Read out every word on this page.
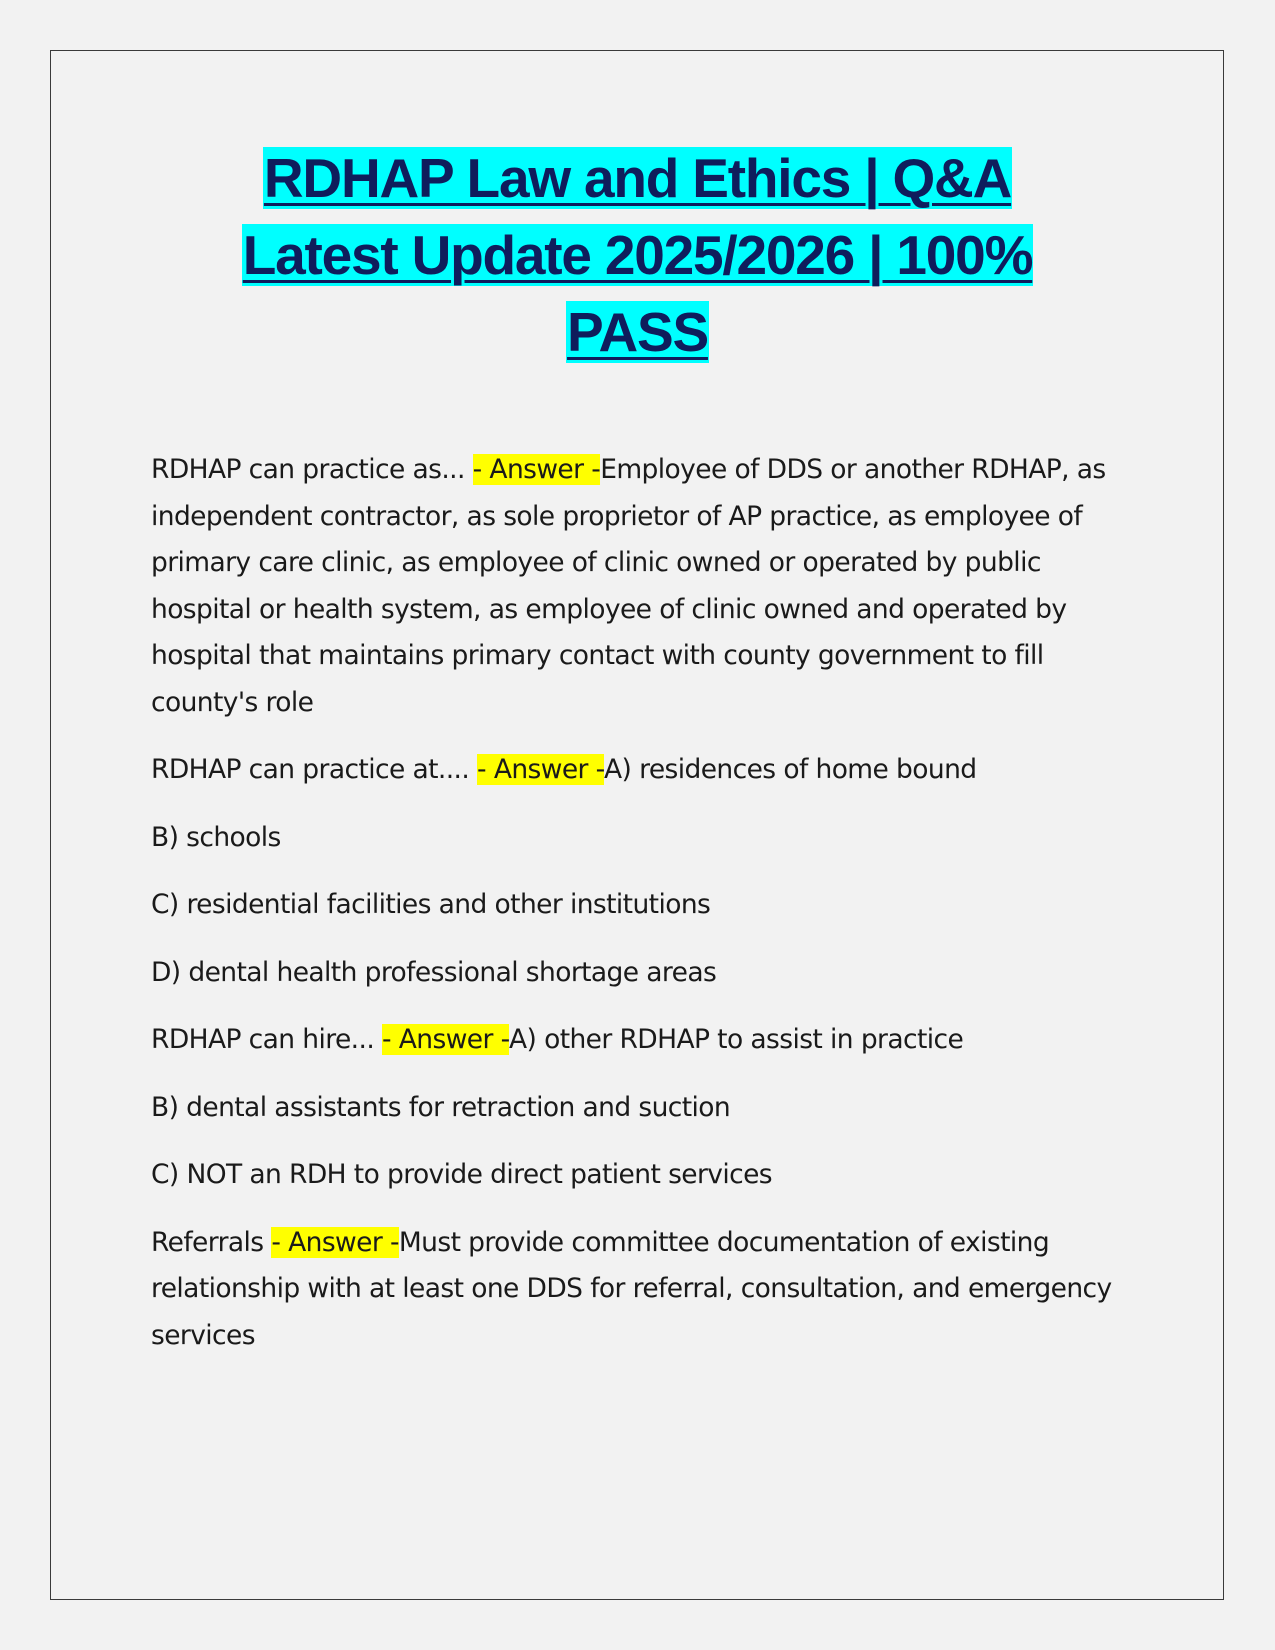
RDHAP Law and Ethics | Q&A
Latest Update 2025/2026 | 100%
PASS

RDHAP can practice as... - Answer -Employee of DDS or another RDHAP, as independent contractor, as sole proprietor of AP practice, as employee of primary care clinic, as employee of clinic owned or operated by public hospital or health system, as employee of clinic owned and operated by hospital that maintains primary contact with county government to fill county's role

RDHAP can practice at.... - Answer -A) residences of home bound

B) schools

C) residential facilities and other institutions

D) dental health professional shortage areas

RDHAP can hire... - Answer -A) other RDHAP to assist in practice

B) dental assistants for retraction and suction

C) NOT an RDH to provide direct patient services

Referrals - Answer -Must provide committee documentation of existing relationship with at least one DDS for referral, consultation, and emergency services
